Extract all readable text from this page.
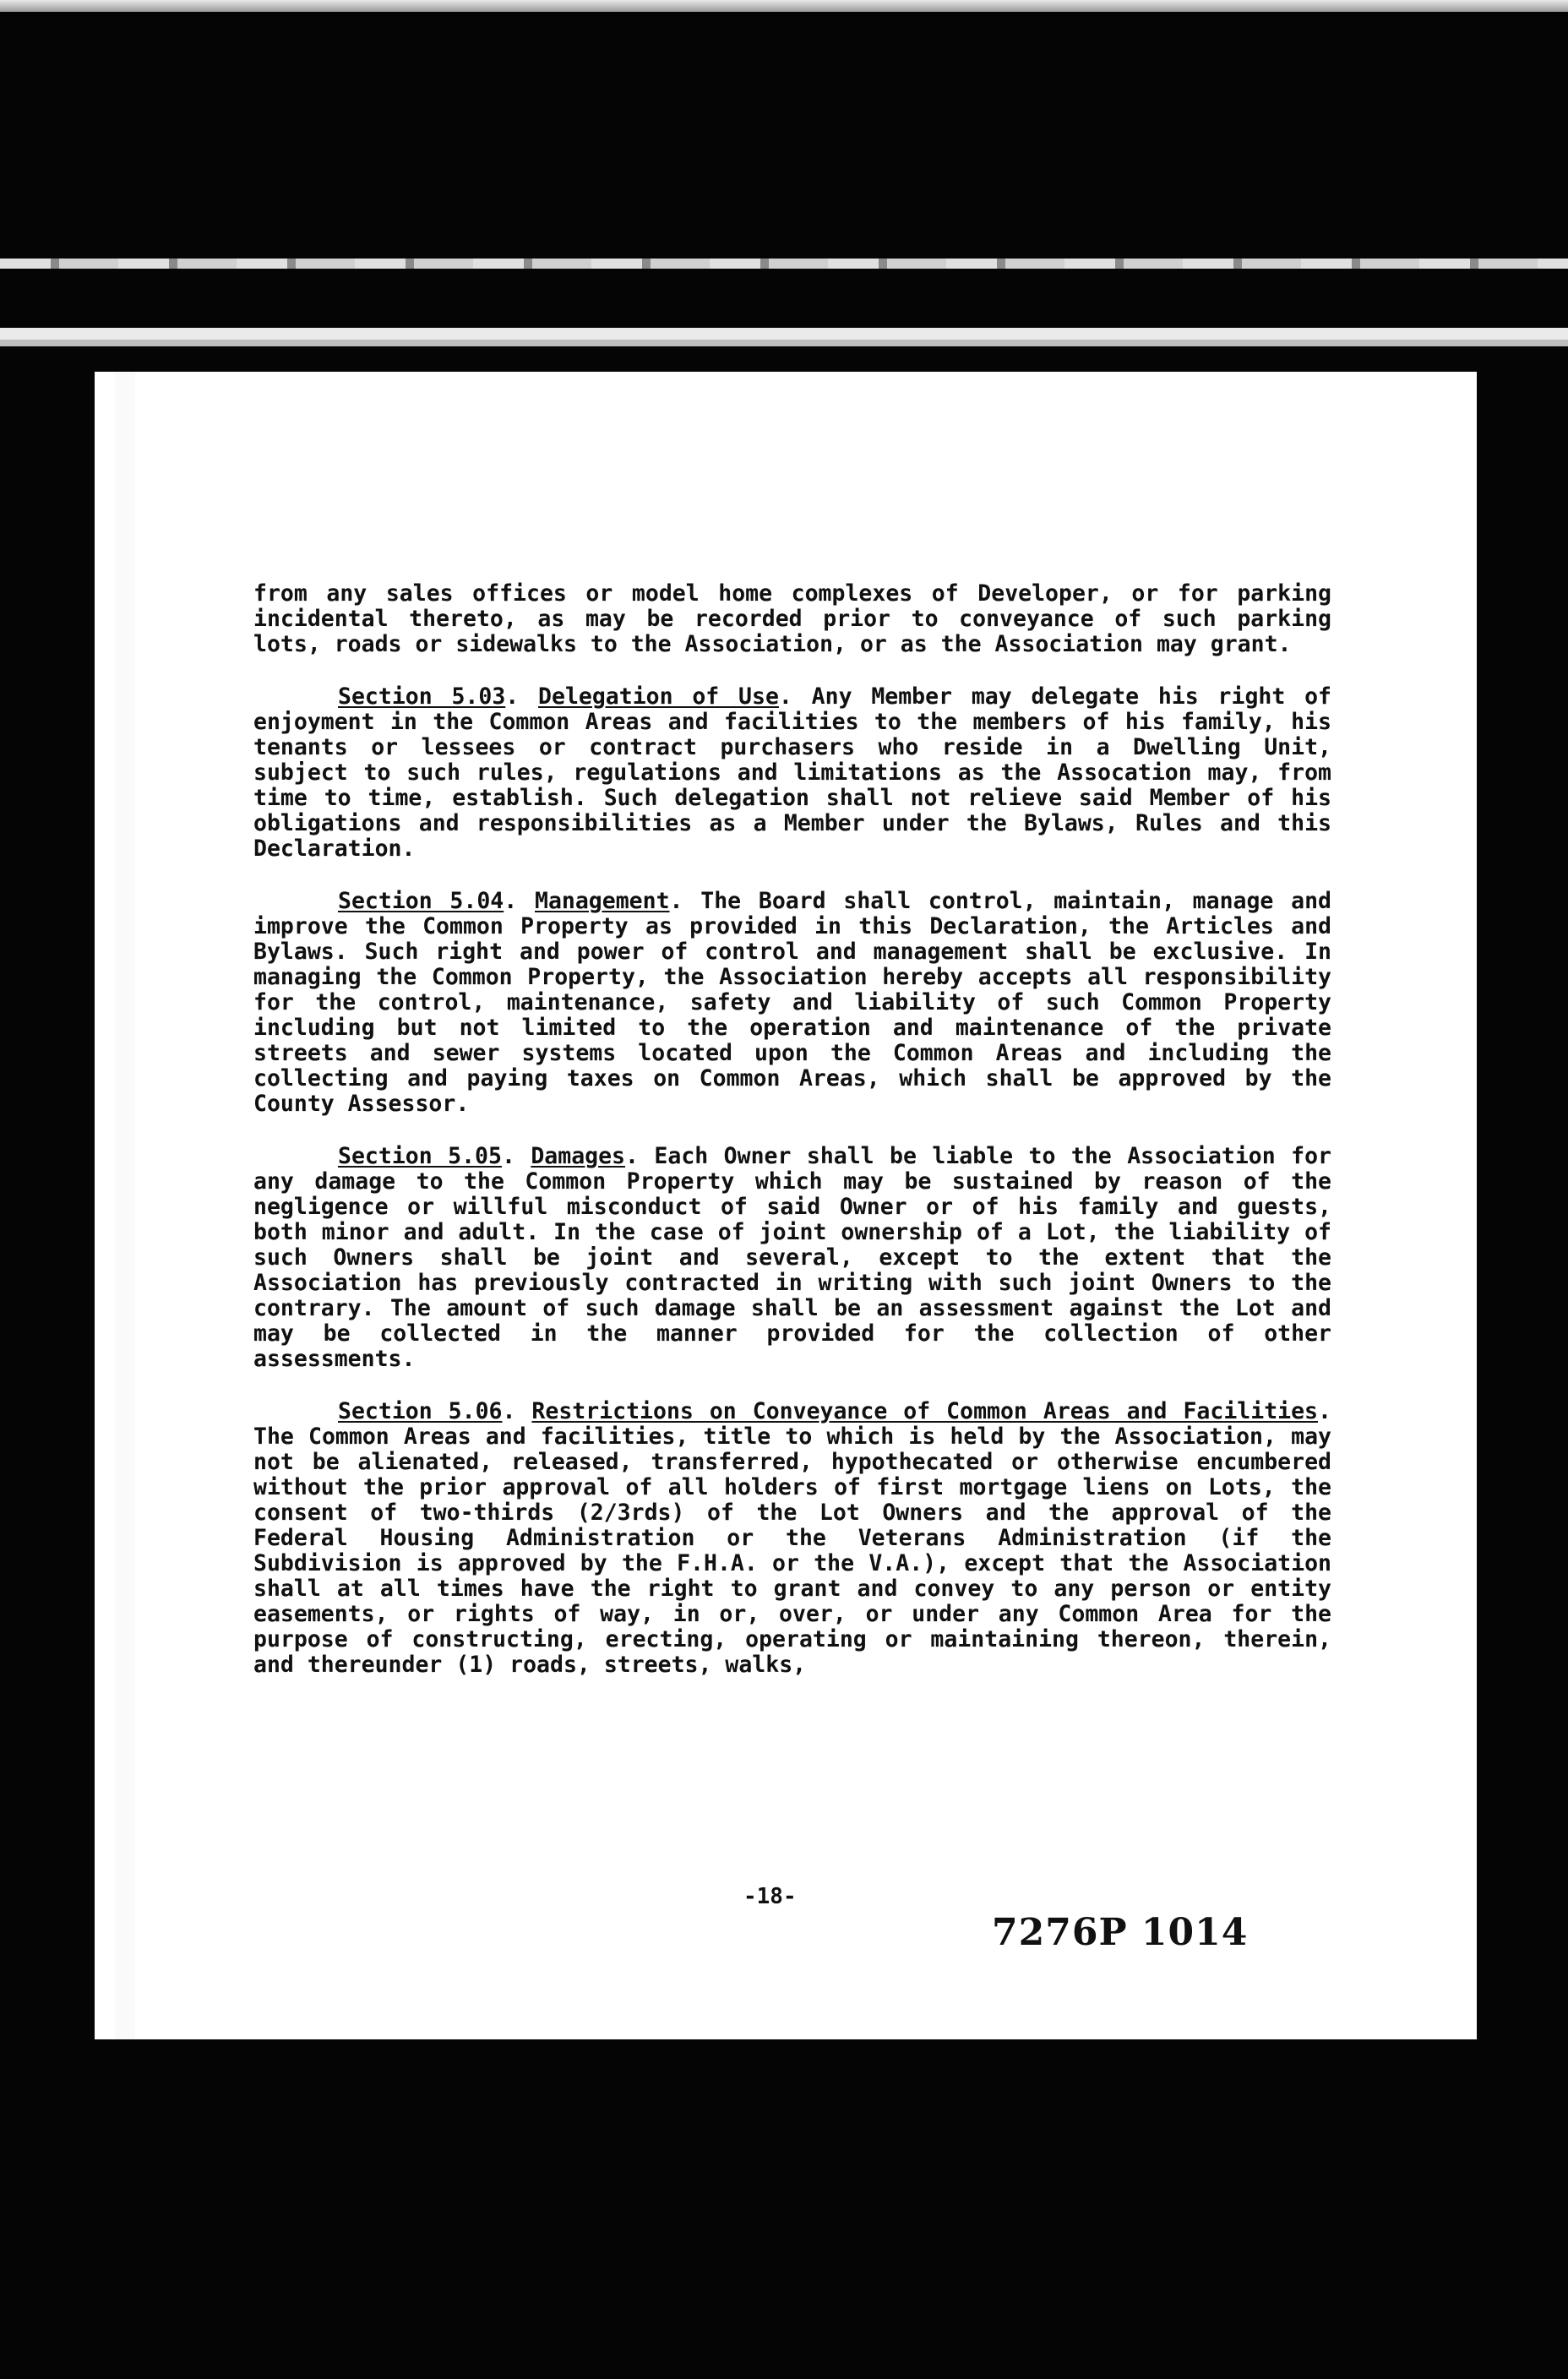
from any sales offices or model home complexes of Developer, or for parking incidental thereto, as may be recorded prior to conveyance of such parking lots, roads or sidewalks to the Association, or as the Association may grant.

Section 5.03. Delegation of Use. Any Member may delegate his right of enjoyment in the Common Areas and facilities to the members of his family, his tenants or lessees or contract purchasers who reside in a Dwelling Unit, subject to such rules, regulations and limitations as the Assocation may, from time to time, establish. Such delegation shall not relieve said Member of his obligations and responsibilities as a Member under the Bylaws, Rules and this Declaration.

Section 5.04. Management. The Board shall control, maintain, manage and improve the Common Property as provided in this Declaration, the Articles and Bylaws. Such right and power of control and management shall be exclusive. In managing the Common Property, the Association hereby accepts all responsibility for the control, maintenance, safety and liability of such Common Property including but not limited to the operation and maintenance of the private streets and sewer systems located upon the Common Areas and including the collecting and paying taxes on Common Areas, which shall be approved by the County Assessor.

Section 5.05. Damages. Each Owner shall be liable to the Association for any damage to the Common Property which may be sustained by reason of the negligence or willful misconduct of said Owner or of his family and guests, both minor and adult. In the case of joint ownership of a Lot, the liability of such Owners shall be joint and several, except to the extent that the Association has previously contracted in writing with such joint Owners to the contrary. The amount of such damage shall be an assessment against the Lot and may be collected in the manner provided for the collection of other assessments.

Section 5.06. Restrictions on Conveyance of Common Areas and Facilities. The Common Areas and facilities, title to which is held by the Association, may not be alienated, released, transferred, hypothecated or otherwise encumbered without the prior approval of all holders of first mortgage liens on Lots, the consent of two-thirds (2/3rds) of the Lot Owners and the approval of the Federal Housing Administration or the Veterans Administration (if the Subdivision is approved by the F.H.A. or the V.A.), except that the Association shall at all times have the right to grant and convey to any person or entity easements, or rights of way, in or, over, or under any Common Area for the purpose of constructing, erecting, operating or maintaining thereon, therein, and thereunder (1) roads, streets, walks,

-18-
7276P 1014
